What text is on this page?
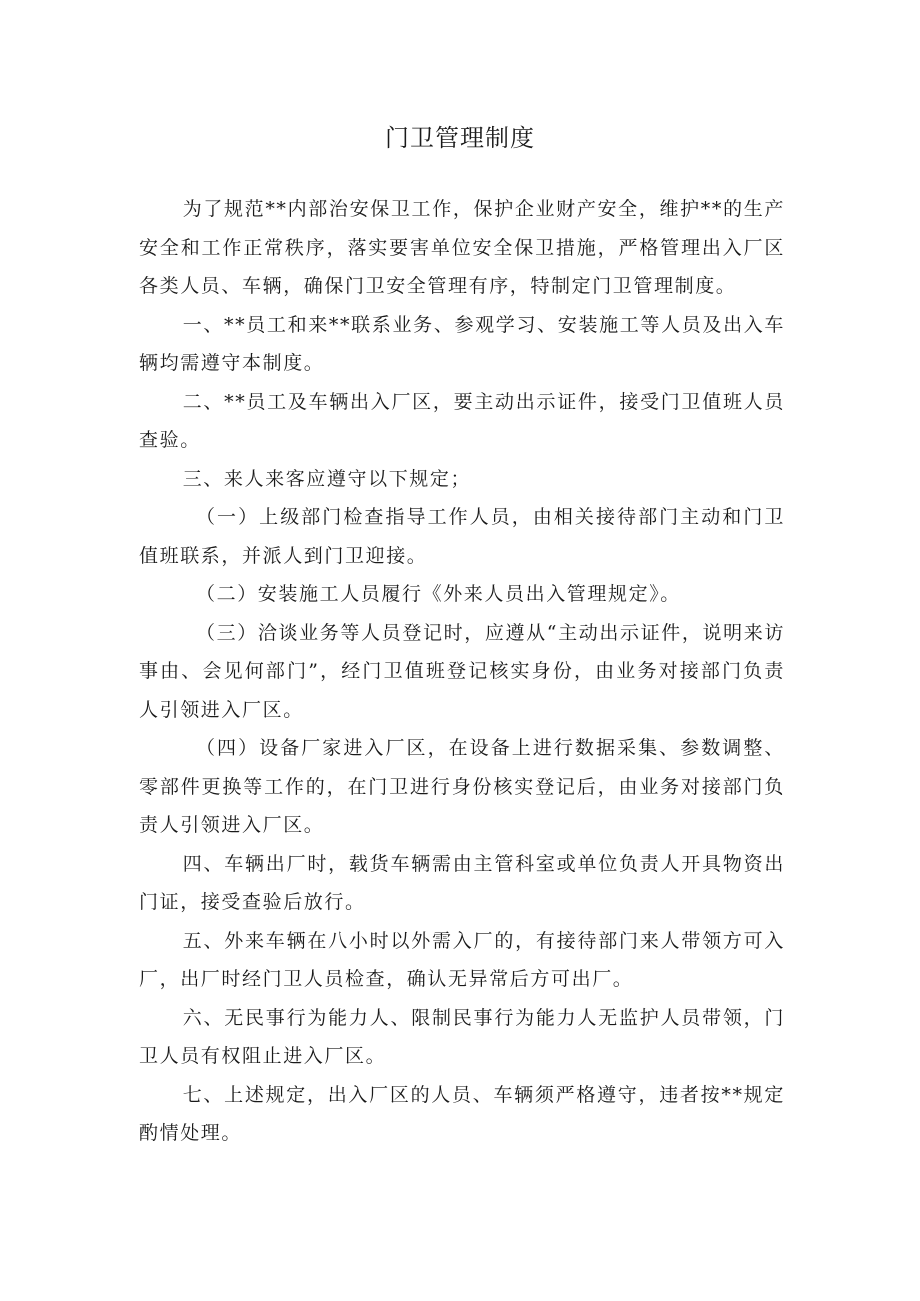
门卫管理制度

为了规范**内部治安保卫工作，保护企业财产安全，维护**的生产安全和工作正常秩序，落实要害单位安全保卫措施，严格管理出入厂区各类人员、车辆，确保门卫安全管理有序，特制定门卫管理制度。

一、**员工和来**联系业务、参观学习、安装施工等人员及出入车辆均需遵守本制度。

二、**员工及车辆出入厂区，要主动出示证件，接受门卫值班人员查验。

三、来人来客应遵守以下规定；

（一）上级部门检查指导工作人员，由相关接待部门主动和门卫值班联系，并派人到门卫迎接。

（二）安装施工人员履行《外来人员出入管理规定》。

（三）洽谈业务等人员登记时，应遵从“主动出示证件，说明来访事由、会见何部门”，经门卫值班登记核实身份，由业务对接部门负责人引领进入厂区。

（四）设备厂家进入厂区，在设备上进行数据采集、参数调整、零部件更换等工作的，在门卫进行身份核实登记后，由业务对接部门负责人引领进入厂区。

四、车辆出厂时，载货车辆需由主管科室或单位负责人开具物资出门证，接受查验后放行。

五、外来车辆在八小时以外需入厂的，有接待部门来人带领方可入厂，出厂时经门卫人员检查，确认无异常后方可出厂。

六、无民事行为能力人、限制民事行为能力人无监护人员带领，门卫人员有权阻止进入厂区。

七、上述规定，出入厂区的人员、车辆须严格遵守，违者按**规定酌情处理。
